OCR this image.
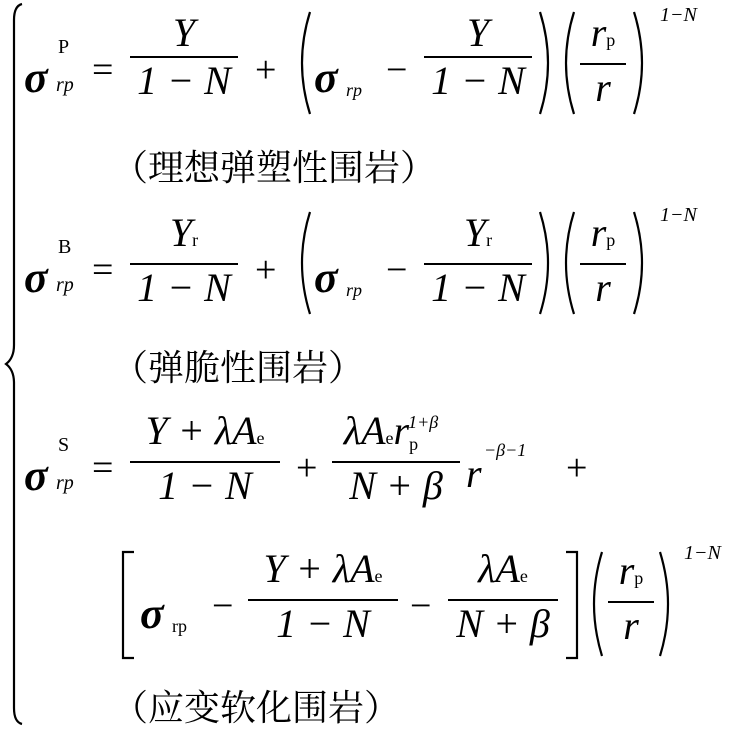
σ
P
rp =
Y
1 − N + σ rp −
Y
1 − N
rp
r
1−N
（理想弹塑性围岩）
σ
B
rp =
Yr
1 − N + σ rp −
Yr
1 − N
rp
r
1−N
（弹脆性围岩）
σ
S
rp =
Y + λAe
1 − N +
λAerp$^{1+\beta}$
N + β r
−β−1 +
σ rp −
Y + λAe
1 − N −
λAe
N + β
rp
r
1−N
（应变软化围岩）
